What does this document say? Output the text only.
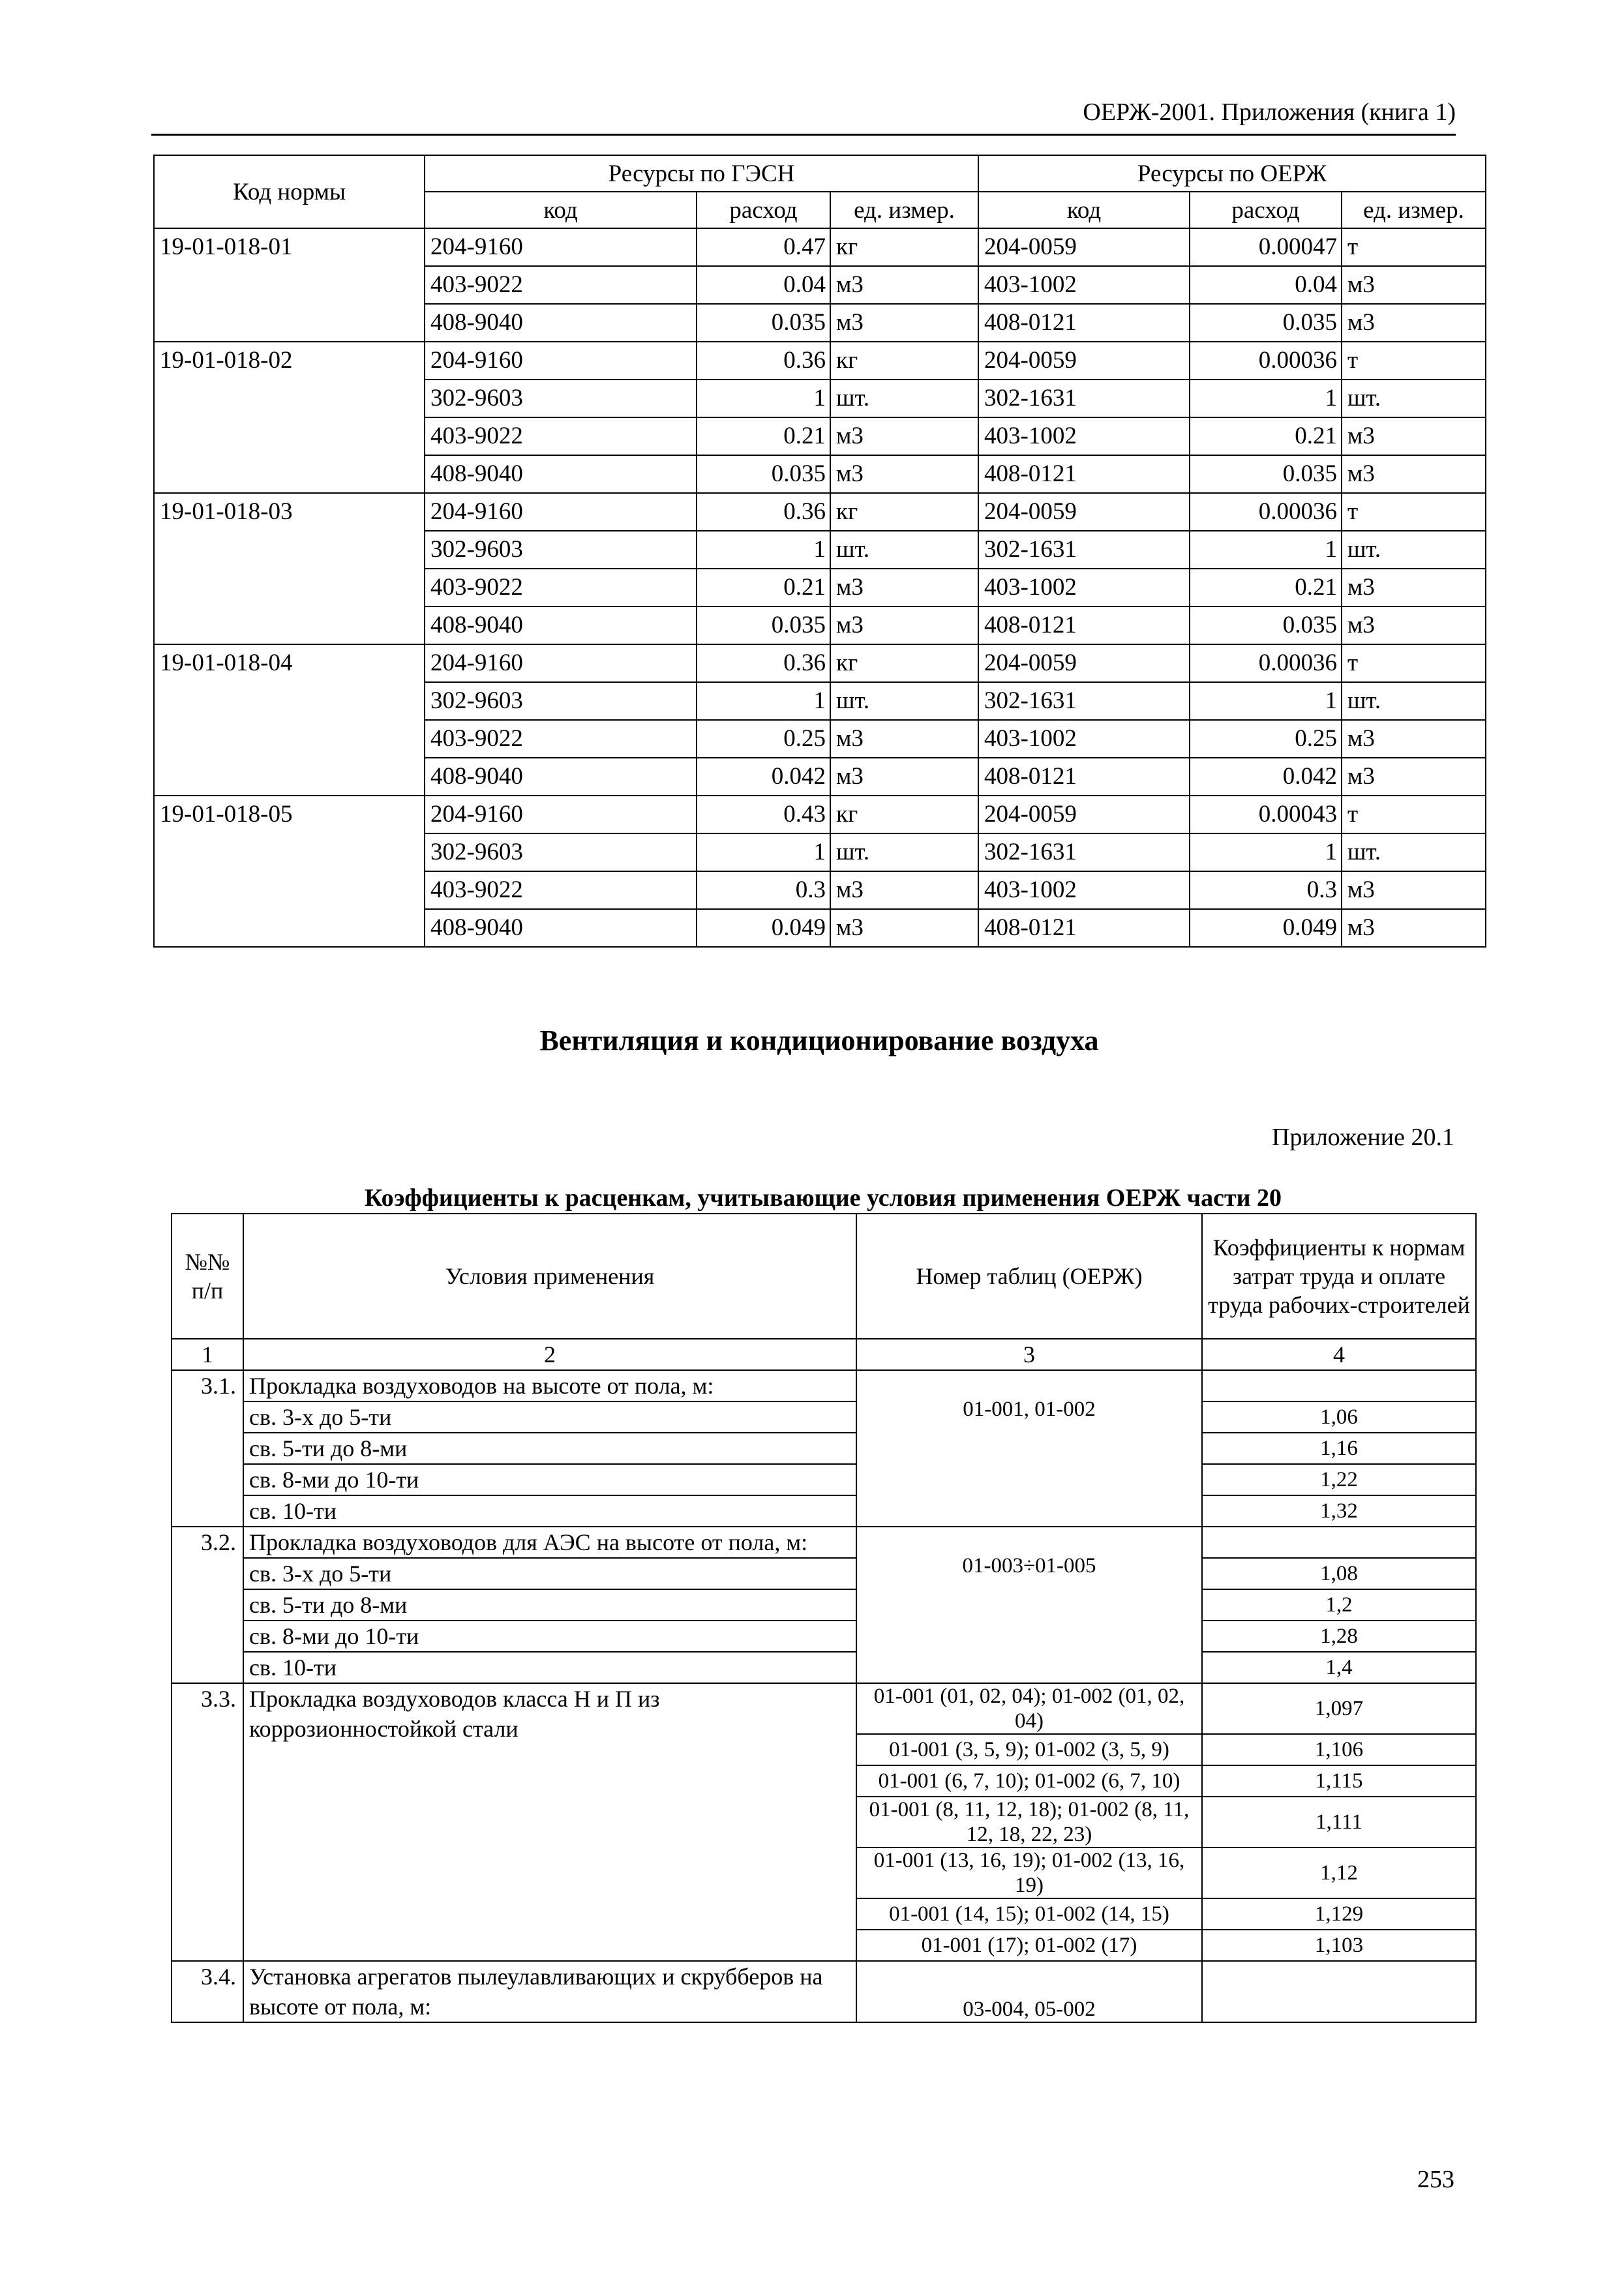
ОЕРЖ-2001. Приложения (книга 1)
Код нормы	Ресурсы по ГЭСН			Ресурсы по ОЕРЖ		
	код	расход	ед. измер.	код	расход	ед. измер.
19-01-018-01	204-9160	0.47	кг	204-0059	0.00047	т
	403-9022	0.04	м3	403-1002	0.04	м3
	408-9040	0.035	м3	408-0121	0.035	м3
19-01-018-02	204-9160	0.36	кг	204-0059	0.00036	т
	302-9603	1	шт.	302-1631	1	шт.
	403-9022	0.21	м3	403-1002	0.21	м3
	408-9040	0.035	м3	408-0121	0.035	м3
19-01-018-03	204-9160	0.36	кг	204-0059	0.00036	т
	302-9603	1	шт.	302-1631	1	шт.
	403-9022	0.21	м3	403-1002	0.21	м3
	408-9040	0.035	м3	408-0121	0.035	м3
19-01-018-04	204-9160	0.36	кг	204-0059	0.00036	т
	302-9603	1	шт.	302-1631	1	шт.
	403-9022	0.25	м3	403-1002	0.25	м3
	408-9040	0.042	м3	408-0121	0.042	м3
19-01-018-05	204-9160	0.43	кг	204-0059	0.00043	т
	302-9603	1	шт.	302-1631	1	шт.
	403-9022	0.3	м3	403-1002	0.3	м3
	408-9040	0.049	м3	408-0121	0.049	м3
Вентиляция и кондиционирование воздуха
Приложение 20.1
Коэффициенты к расценкам, учитывающие условия применения ОЕРЖ части 20
№№ п/п	Условия применения	Номер таблиц (ОЕРЖ)	Коэффициенты к нормам затрат труда и оплате труда рабочих-строителей
1	2	3	4
3.1.	Прокладка воздуховодов на высоте от пола, м:	01-001, 01-002	
	св. 3-х до 5-ти		1,06
	св. 5-ти до 8-ми		1,16
	св. 8-ми до 10-ти		1,22
	св. 10-ти		1,32
3.2.	Прокладка воздуховодов для АЭС на высоте от пола, м:	01-003÷01-005	
	св. 3-х до 5-ти		1,08
	св. 5-ти до 8-ми		1,2
	св. 8-ми до 10-ти		1,28
	св. 10-ти		1,4
3.3.	Прокладка воздуховодов класса Н и П из коррозионностойкой стали	01-001 (01, 02, 04); 01-002 (01, 02, 04)	1,097
		01-001 (3, 5, 9); 01-002 (3, 5, 9)	1,106
		01-001 (6, 7, 10); 01-002 (6, 7, 10)	1,115
		01-001 (8, 11, 12, 18); 01-002 (8, 11, 12, 18, 22, 23)	1,111
		01-001 (13, 16, 19); 01-002 (13, 16, 19)	1,12
		01-001 (14, 15); 01-002 (14, 15)	1,129
		01-001 (17); 01-002 (17)	1,103
3.4.	Установка агрегатов пылеулавливающих и скрубберов на высоте от пола, м:	03-004, 05-002	
253
